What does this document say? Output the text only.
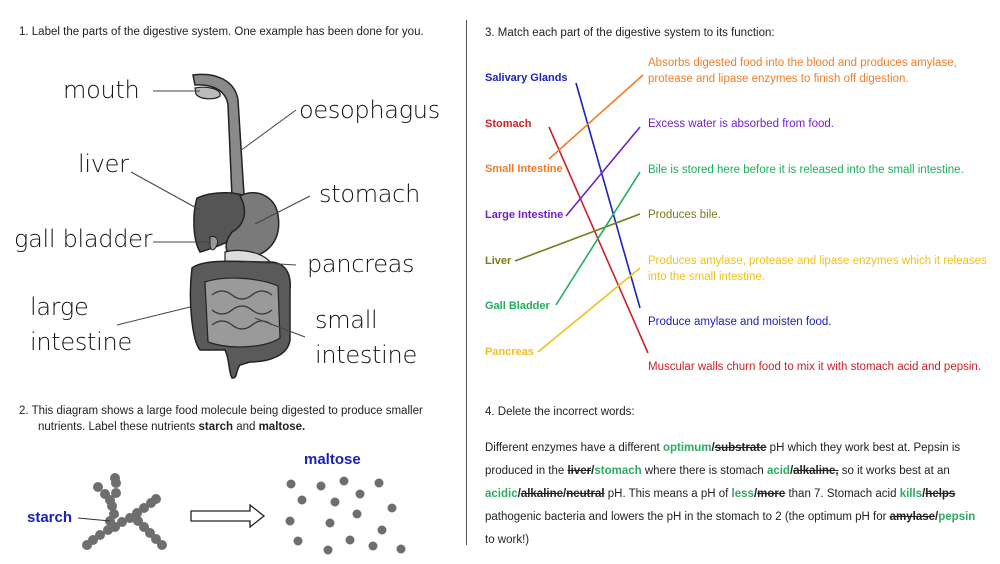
1. Label the parts of the digestive system. One example has been done for you.
mouth
oesophagus
liver
stomach
gall bladder
pancreas
large
intestine
small
intestine
2. This diagram shows a large food molecule being digested to produce smaller
nutrients. Label these nutrients starch and maltose.
starch
maltose
3. Match each part of the digestive system to its function:
Salivary Glands
Stomach
Small Intestine
Large Intestine
Liver
Gall Bladder
Pancreas
Absorbs digested food into the blood and produces amylase,
protease and lipase enzymes to finish off digestion.
Excess water is absorbed from food.
Bile is stored here before it is released into the small intestine.
Produces bile.
Produces amylase, protease and lipase enzymes which it releases
into the small intestine.
Produce amylase and moisten food.
Muscular walls churn food to mix it with stomach acid and pepsin.
4. Delete the incorrect words:
Different enzymes have a different optimum/substrate pH which they work best at. Pepsin is produced in the liver/stomach where there is stomach acid/alkaline, so it works best at an acidic/alkaline/neutral pH. This means a pH of less/more than 7. Stomach acid kills/helps pathogenic bacteria and lowers the pH in the stomach to 2 (the optimum pH for amylase/pepsin to work!)
